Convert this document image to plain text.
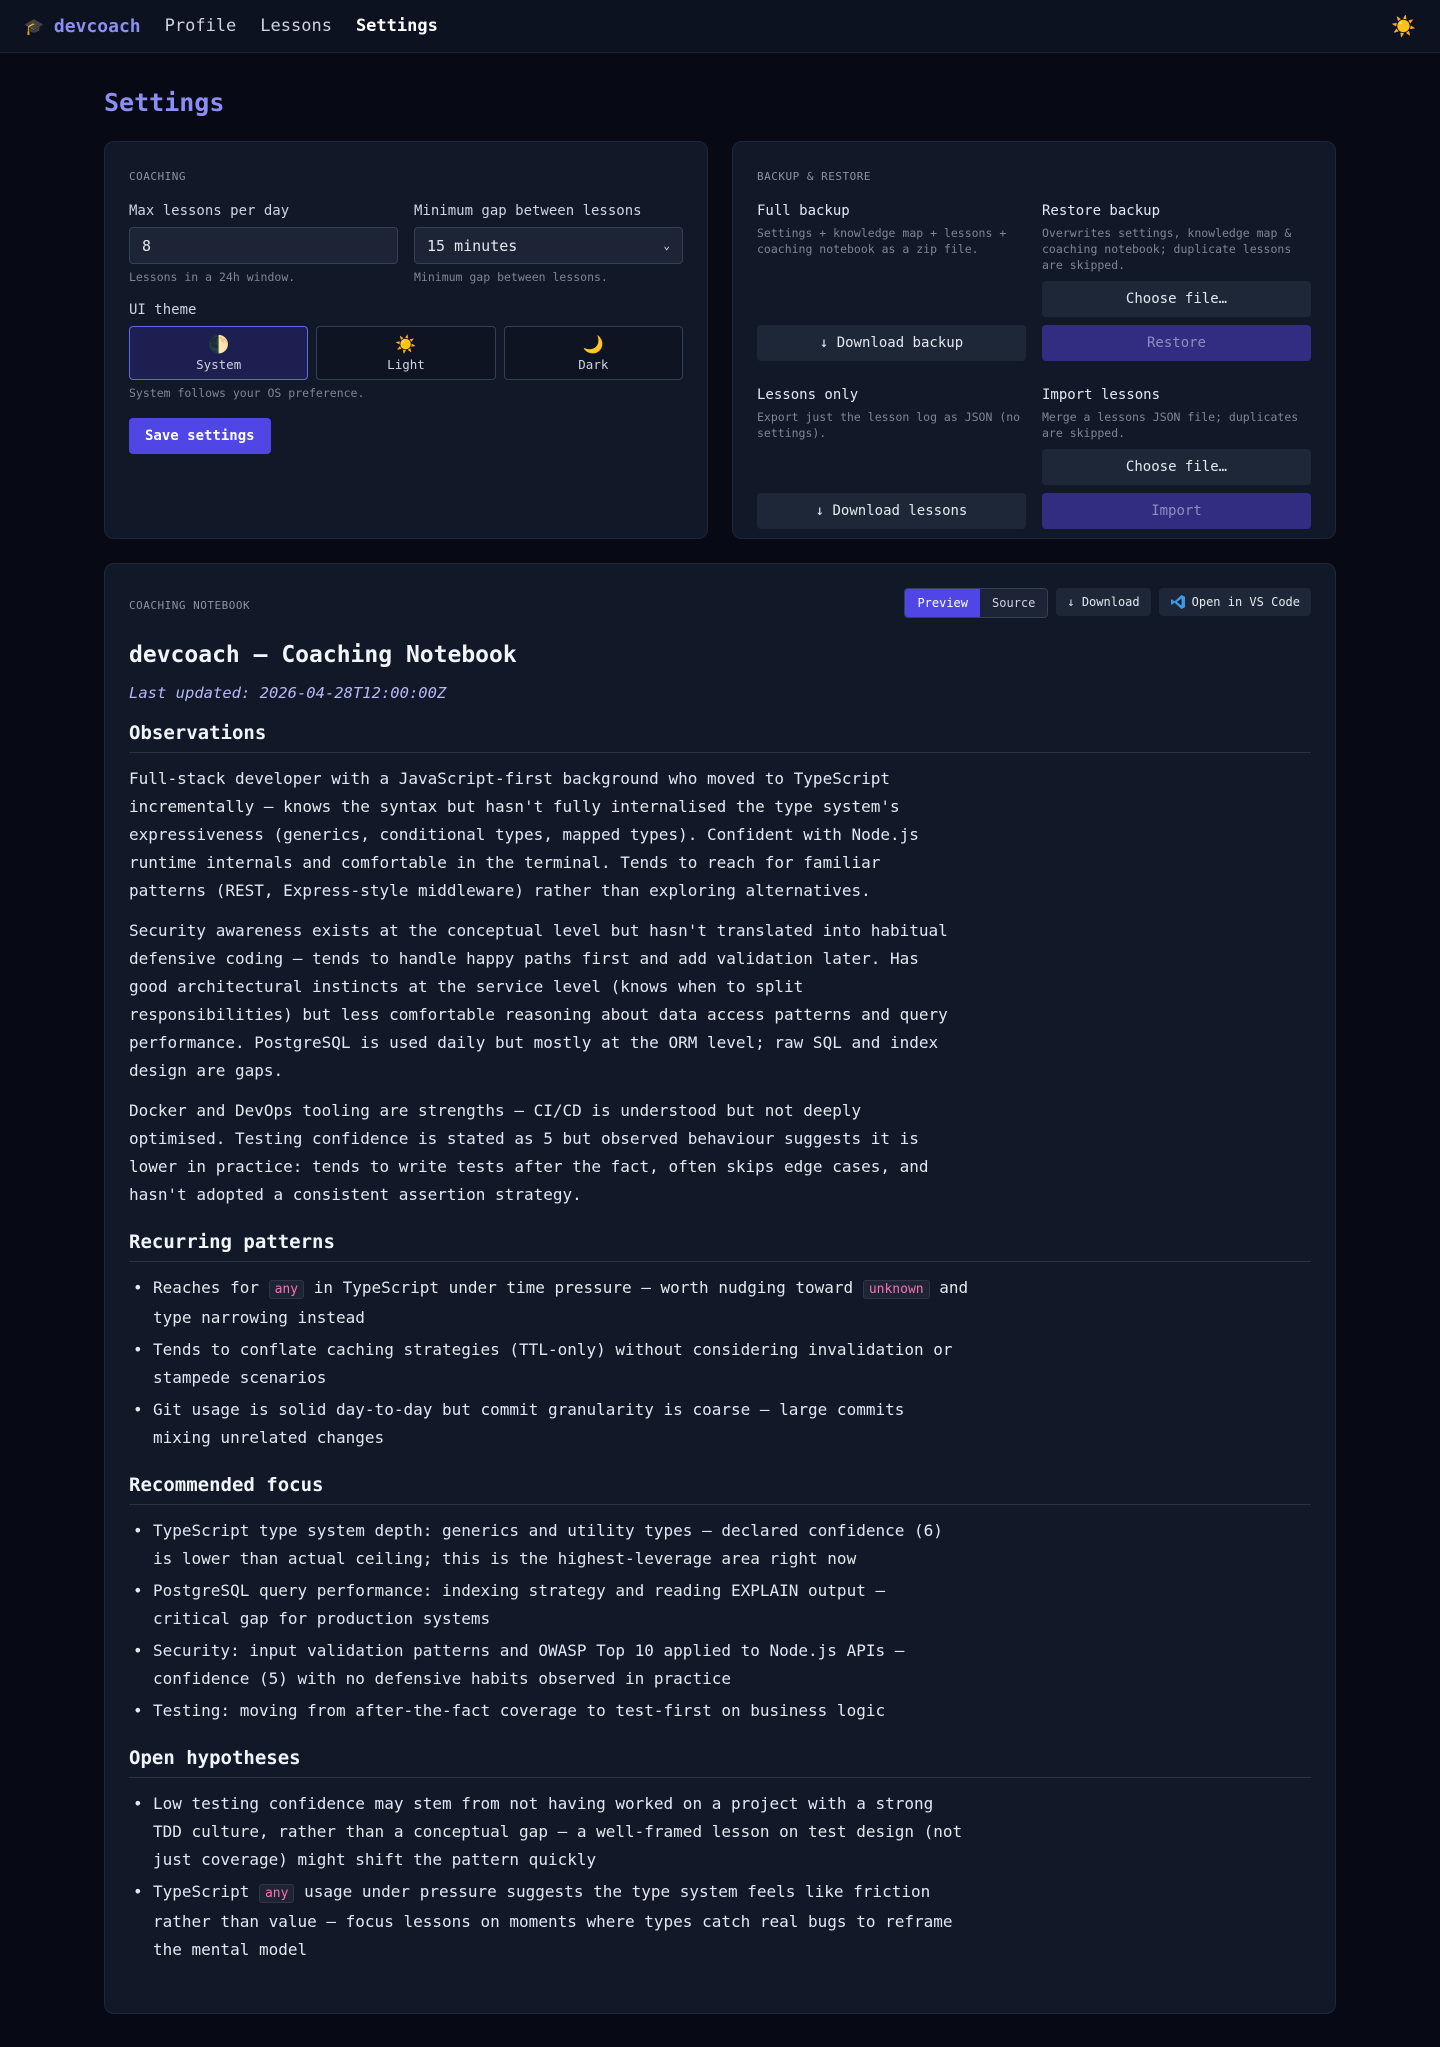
🎓 devcoach Profile Lessons Settings	☀️
Settings
COACHING
Max lessons per day
8
Lessons in a 24h window.
Minimum gap between lessons
15 minutes	⌄
Minimum gap between lessons.
UI theme
🌓
System
☀️
Light
🌙
Dark
System follows your OS preference.
Save settings
BACKUP & RESTORE
Full backup
Settings + knowledge map + lessons + coaching notebook as a zip file.
↓ Download backup
Restore backup
Overwrites settings, knowledge map & coaching notebook; duplicate lessons are skipped.
Choose file…
Restore
Lessons only
Export just the lesson log as JSON (no settings).
↓ Download lessons
Import lessons
Merge a lessons JSON file; duplicates are skipped.
Choose file…
Import
COACHING NOTEBOOK	Preview	Source	↓ Download	Open in VS Code
devcoach — Coaching Notebook
Last updated: 2026-04-28T12:00:00Z
Observations

Full-stack developer with a JavaScript-first background who moved to TypeScript incrementally — knows the syntax but hasn't fully internalised the type system's expressiveness (generics, conditional types, mapped types). Confident with Node.js runtime internals and comfortable in the terminal. Tends to reach for familiar patterns (REST, Express-style middleware) rather than exploring alternatives.

Security awareness exists at the conceptual level but hasn't translated into habitual defensive coding — tends to handle happy paths first and add validation later. Has good architectural instincts at the service level (knows when to split responsibilities) but less comfortable reasoning about data access patterns and query performance. PostgreSQL is used daily but mostly at the ORM level; raw SQL and index design are gaps.

Docker and DevOps tooling are strengths — CI/CD is understood but not deeply optimised. Testing confidence is stated as 5 but observed behaviour suggests it is lower in practice: tends to write tests after the fact, often skips edge cases, and hasn't adopted a consistent assertion strategy.

Recurring patterns
• Reaches for any in TypeScript under time pressure — worth nudging toward unknown and type narrowing instead
• Tends to conflate caching strategies (TTL-only) without considering invalidation or stampede scenarios
• Git usage is solid day-to-day but commit granularity is coarse — large commits mixing unrelated changes
Recommended focus
• TypeScript type system depth: generics and utility types — declared confidence (6) is lower than actual ceiling; this is the highest-leverage area right now
• PostgreSQL query performance: indexing strategy and reading EXPLAIN output — critical gap for production systems
• Security: input validation patterns and OWASP Top 10 applied to Node.js APIs — confidence (5) with no defensive habits observed in practice
• Testing: moving from after-the-fact coverage to test-first on business logic
Open hypotheses
• Low testing confidence may stem from not having worked on a project with a strong TDD culture, rather than a conceptual gap — a well-framed lesson on test design (not just coverage) might shift the pattern quickly
• TypeScript any usage under pressure suggests the type system feels like friction rather than value — focus lessons on moments where types catch real bugs to reframe the mental model
